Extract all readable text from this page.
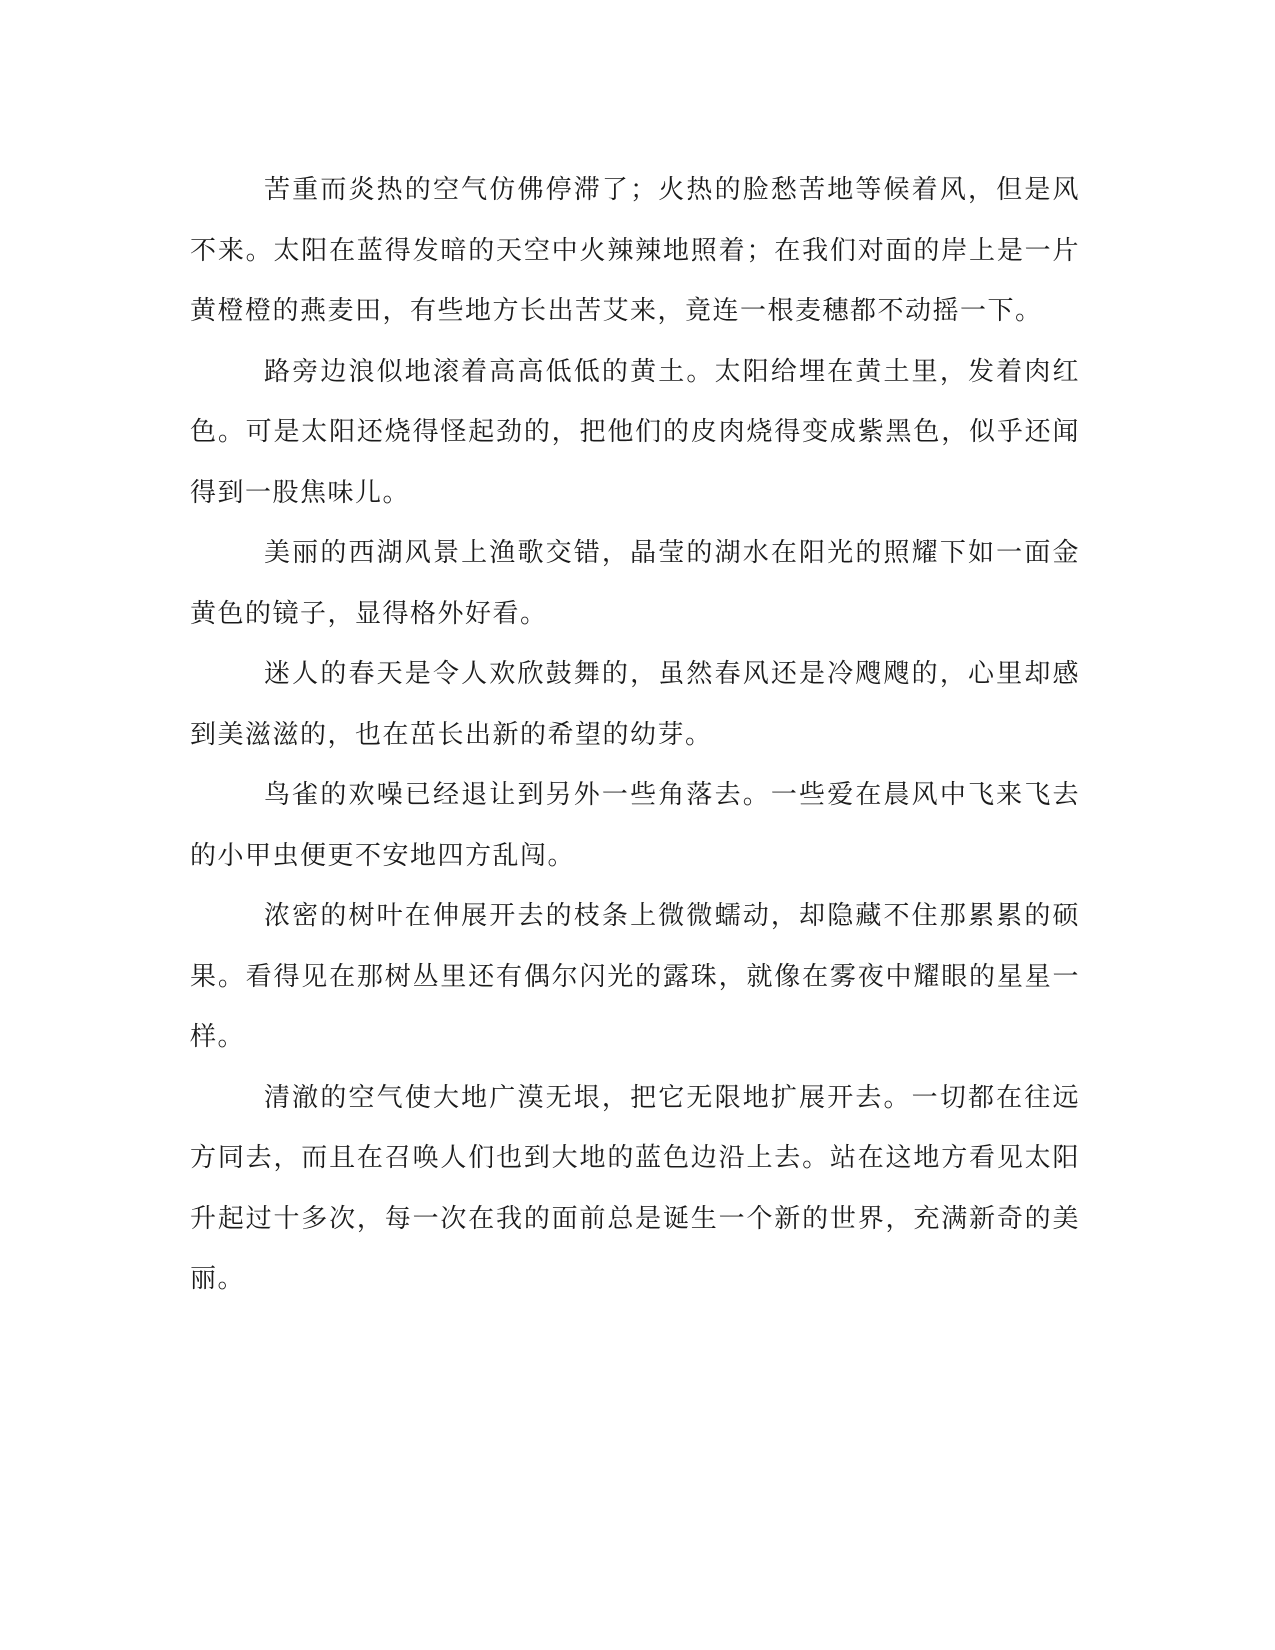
苦重而炎热的空气仿佛停滞了；火热的脸愁苦地等候着风，但是风不来。太阳在蓝得发暗的天空中火辣辣地照着；在我们对面的岸上是一片黄橙橙的燕麦田，有些地方长出苦艾来，竟连一根麦穗都不动摇一下。

路旁边浪似地滚着高高低低的黄土。太阳给埋在黄土里，发着肉红色。可是太阳还烧得怪起劲的，把他们的皮肉烧得变成紫黑色，似乎还闻得到一股焦味儿。

美丽的西湖风景上渔歌交错，晶莹的湖水在阳光的照耀下如一面金黄色的镜子，显得格外好看。

迷人的春天是令人欢欣鼓舞的，虽然春风还是冷飕飕的，心里却感到美滋滋的，也在茁长出新的希望的幼芽。

鸟雀的欢噪已经退让到另外一些角落去。一些爱在晨风中飞来飞去的小甲虫便更不安地四方乱闯。

浓密的树叶在伸展开去的枝条上微微蠕动，却隐藏不住那累累的硕果。看得见在那树丛里还有偶尔闪光的露珠，就像在雾夜中耀眼的星星一样。

清澈的空气使大地广漠无垠，把它无限地扩展开去。一切都在往远方同去，而且在召唤人们也到大地的蓝色边沿上去。站在这地方看见太阳升起过十多次，每一次在我的面前总是诞生一个新的世界，充满新奇的美丽。
